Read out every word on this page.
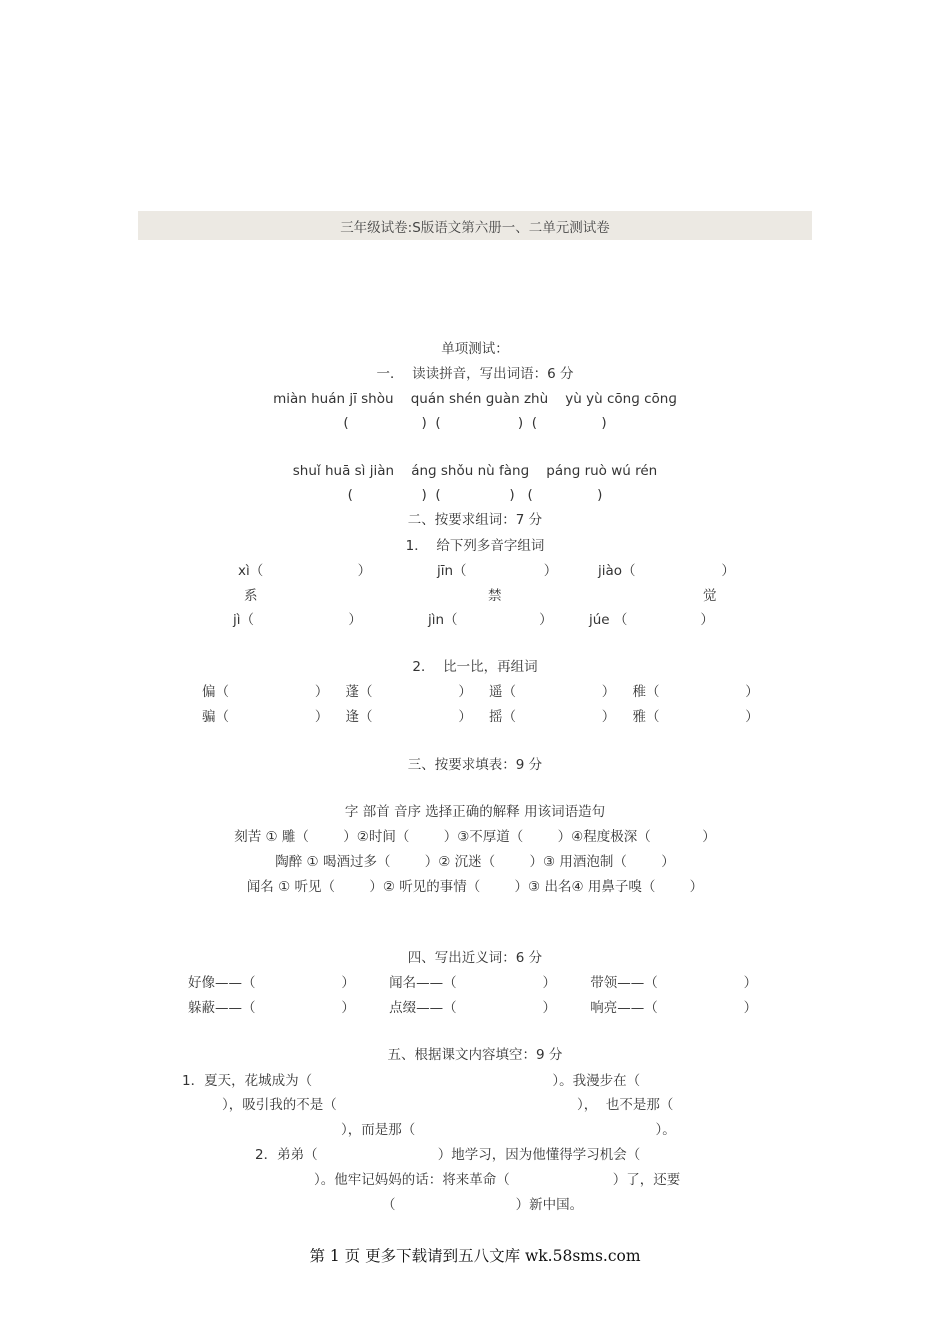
三年级试卷:S版语文第六册一、二单元测试卷
单项测试：
一．  读读拼音，写出词语：6 分
miàn huán jī shòu    quán shén ɡuàn zhù    yù yù cōnɡ cōnɡ
(                 )  (                  )  (               )
shuǐ huā sì jiàn    ánɡ shǒu nù fànɡ    pánɡ ruò wú rén
(                )  (                )   (               )
二、按要求组词：7 分
1．  给下列多音字组词
xì（                      ）	jīn（                  ）	jiào（                    ）
系	禁	觉
jì（                      ）	jìn（                   ）	júe （                 ）
2．  比一比，再组词
偏（                    ）    蓬（                    ）    遥（                    ）    稚（                    ）
骗（                    ）    逢（                    ）    摇（                    ）    雅（                    ）
三、按要求填表：9 分
字 部首 音序 选择正确的解释 用该词语造句
刻苦 ① 雕（        ）②时间（        ）③不厚道（        ）④程度极深（            ）
陶醉 ① 喝酒过多（        ）② 沉迷（        ）③ 用酒泡制（        ）
闻名 ① 听见（        ）② 听见的事情（        ）③ 出名④ 用鼻子嗅（        ）
四、写出近义词：6 分
好像——（                    ）        闻名——（                    ）        带领——（                    ）
躲蔽——（                    ）        点缀——（                    ）        响亮——（                    ）
五、根据课文内容填空：9 分
1．夏天，花城成为（                                                        ）。我漫步在（
），吸引我的不是（                                                        ），  也不是那（
），而是那（                                                        ）。
2．弟弟（                            ）地学习，因为他懂得学习机会（
）。他牢记妈妈的话：将来革命（                        ）了，还要
（                            ）新中国。
第 1 页 更多下载请到五八文库 wk.58sms.com
